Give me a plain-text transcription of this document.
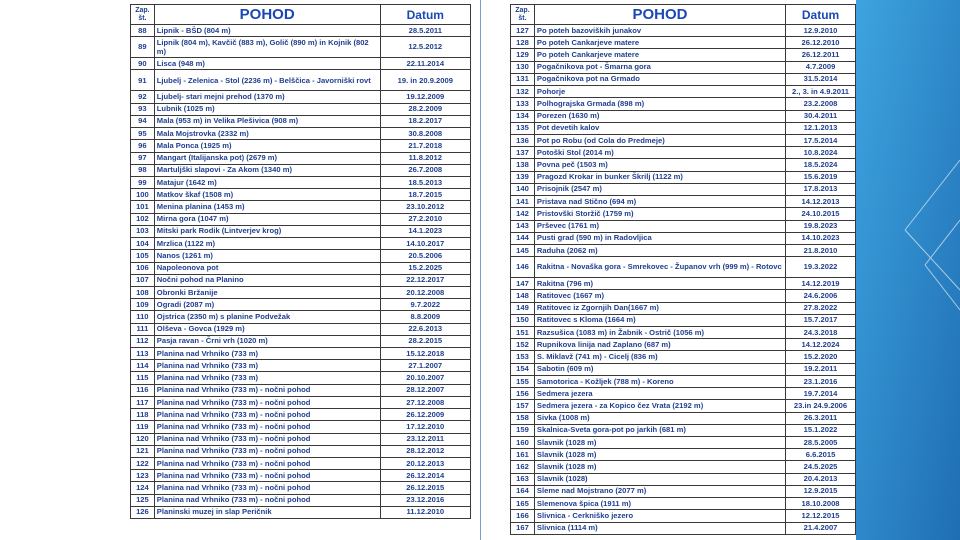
Zap.
št.	POHOD	Datum
88	Lipnik - BŠD (804 m)	28.5.2011
89	Lipnik (804 m), Kavčič (883 m), Golič (890 m) in Kojnik (802 m)	12.5.2012
90	Lisca (948 m)	22.11.2014
91	Ljubelj - Zelenica - Stol (2236 m) - Belščica - Javorniški rovt	19. in 20.9.2009
92	Ljubelj- stari mejni prehod (1370 m)	19.12.2009
93	Lubnik (1025 m)	28.2.2009
94	Mala (953 m) in Velika Plešivica (908 m)	18.2.2017
95	Mala Mojstrovka (2332 m)	30.8.2008
96	Mala Ponca (1925 m)	21.7.2018
97	Mangart (Italijanska pot) (2679 m)	11.8.2012
98	Martuljški slapovi - Za Akom (1340 m)	26.7.2008
99	Matajur (1642 m)	18.5.2013
100	Matkov škaf (1508 m)	18.7.2015
101	Menina planina (1453 m)	23.10.2012
102	Mirna gora (1047 m)	27.2.2010
103	Mitski park Rodik (Lintverjev krog)	14.1.2023
104	Mrzlica (1122 m)	14.10.2017
105	Nanos (1261 m)	20.5.2006
106	Napoleonova pot	15.2.2025
107	Nočni pohod na Planino	22.12.2017
108	Obronki Bržanije	20.12.2008
109	Ogradi (2087 m)	9.7.2022
110	Ojstrica (2350 m) s planine Podvežak	8.8.2009
111	Olševa - Govca (1929 m)	22.6.2013
112	Pasja ravan - Črni vrh (1020 m)	28.2.2015
113	Planina nad Vrhniko (733 m)	15.12.2018
114	Planina nad Vrhniko (733 m)	27.1.2007
115	Planina nad Vrhniko (733 m)	20.10.2007
116	Planina nad Vrhniko (733 m) - nočni pohod	28.12.2007
117	Planina nad Vrhniko (733 m) - nočni pohod	27.12.2008
118	Planina nad Vrhniko (733 m) - nočni pohod	26.12.2009
119	Planina nad Vrhniko (733 m) - nočni pohod	17.12.2010
120	Planina nad Vrhniko (733 m) - nočni pohod	23.12.2011
121	Planina nad Vrhniko (733 m) - nočni pohod	28.12.2012
122	Planina nad Vrhniko (733 m) - nočni pohod	20.12.2013
123	Planina nad Vrhniko (733 m) - nočni pohod	26.12.2014
124	Planina nad Vrhniko (733 m) - nočni pohod	26.12.2015
125	Planina nad Vrhniko (733 m) - nočni pohod	23.12.2016
126	Planinski muzej in slap Peričnik	11.12.2010
Zap.
št.	POHOD	Datum
127	Po poteh bazoviških junakov	12.9.2010
128	Po poteh Cankarjeve matere	26.12.2010
129	Po poteh Cankarjeve matere	26.12.2011
130	Pogačnikova pot - Šmarna gora	4.7.2009
131	Pogačnikova pot na Grmado	31.5.2014
132	Pohorje	2., 3. in 4.9.2011
133	Polhograjska Grmada (898 m)	23.2.2008
134	Porezen (1630 m)	30.4.2011
135	Pot devetih kalov	12.1.2013
136	Pot po Robu (od Cola do Predmeje)	17.5.2014
137	Potoški Stol (2014 m)	10.8.2024
138	Povna peč (1503 m)	18.5.2024
139	Pragozd Krokar in bunker Škrilj (1122 m)	15.6.2019
140	Prisojnik (2547 m)	17.8.2013
141	Pristava nad Stično (694 m)	14.12.2013
142	Pristovški Storžič (1759 m)	24.10.2015
143	Prševec (1761 m)	19.8.2023
144	Pusti grad (590 m) in Radovljica	14.10.2023
145	Raduha (2062 m)	21.8.2010
146	Rakitna - Novaška gora - Smrekovec - Županov vrh (999 m) - Rotovc	19.3.2022
147	Rakitna (796 m)	14.12.2019
148	Ratitovec (1667 m)	24.6.2006
149	Ratitovec iz Zgornjih Dan(1667 m)	27.8.2022
150	Ratitovec s Kloma (1664 m)	15.7.2017
151	Razsušica (1083 m) in Žabnik - Ostrič (1056 m)	24.3.2018
152	Rupnikova linija nad Zaplano (687 m)	14.12.2024
153	S. Miklavž (741 m) - Cicelj (836 m)	15.2.2020
154	Sabotin (609 m)	19.2.2011
155	Samotorica - Kožljek (788 m) - Koreno	23.1.2016
156	Sedmera jezera	19.7.2014
157	Sedmera jezera - za Kopico čez Vrata (2192 m)	23.in 24.9.2006
158	Sivka (1008 m)	26.3.2011
159	Skalnica-Sveta gora-pot po jarkih (681 m)	15.1.2022
160	Slavnik (1028 m)	28.5.2005
161	Slavnik (1028 m)	6.6.2015
162	Slavnik (1028 m)	24.5.2025
163	Slavnik (1028)	20.4.2013
164	Sleme nad Mojstrano (2077 m)	12.9.2015
165	Slemenova špica (1911 m)	18.10.2008
166	Slivnica - Cerkniško jezero	12.12.2015
167	Slivnica (1114 m)	21.4.2007
